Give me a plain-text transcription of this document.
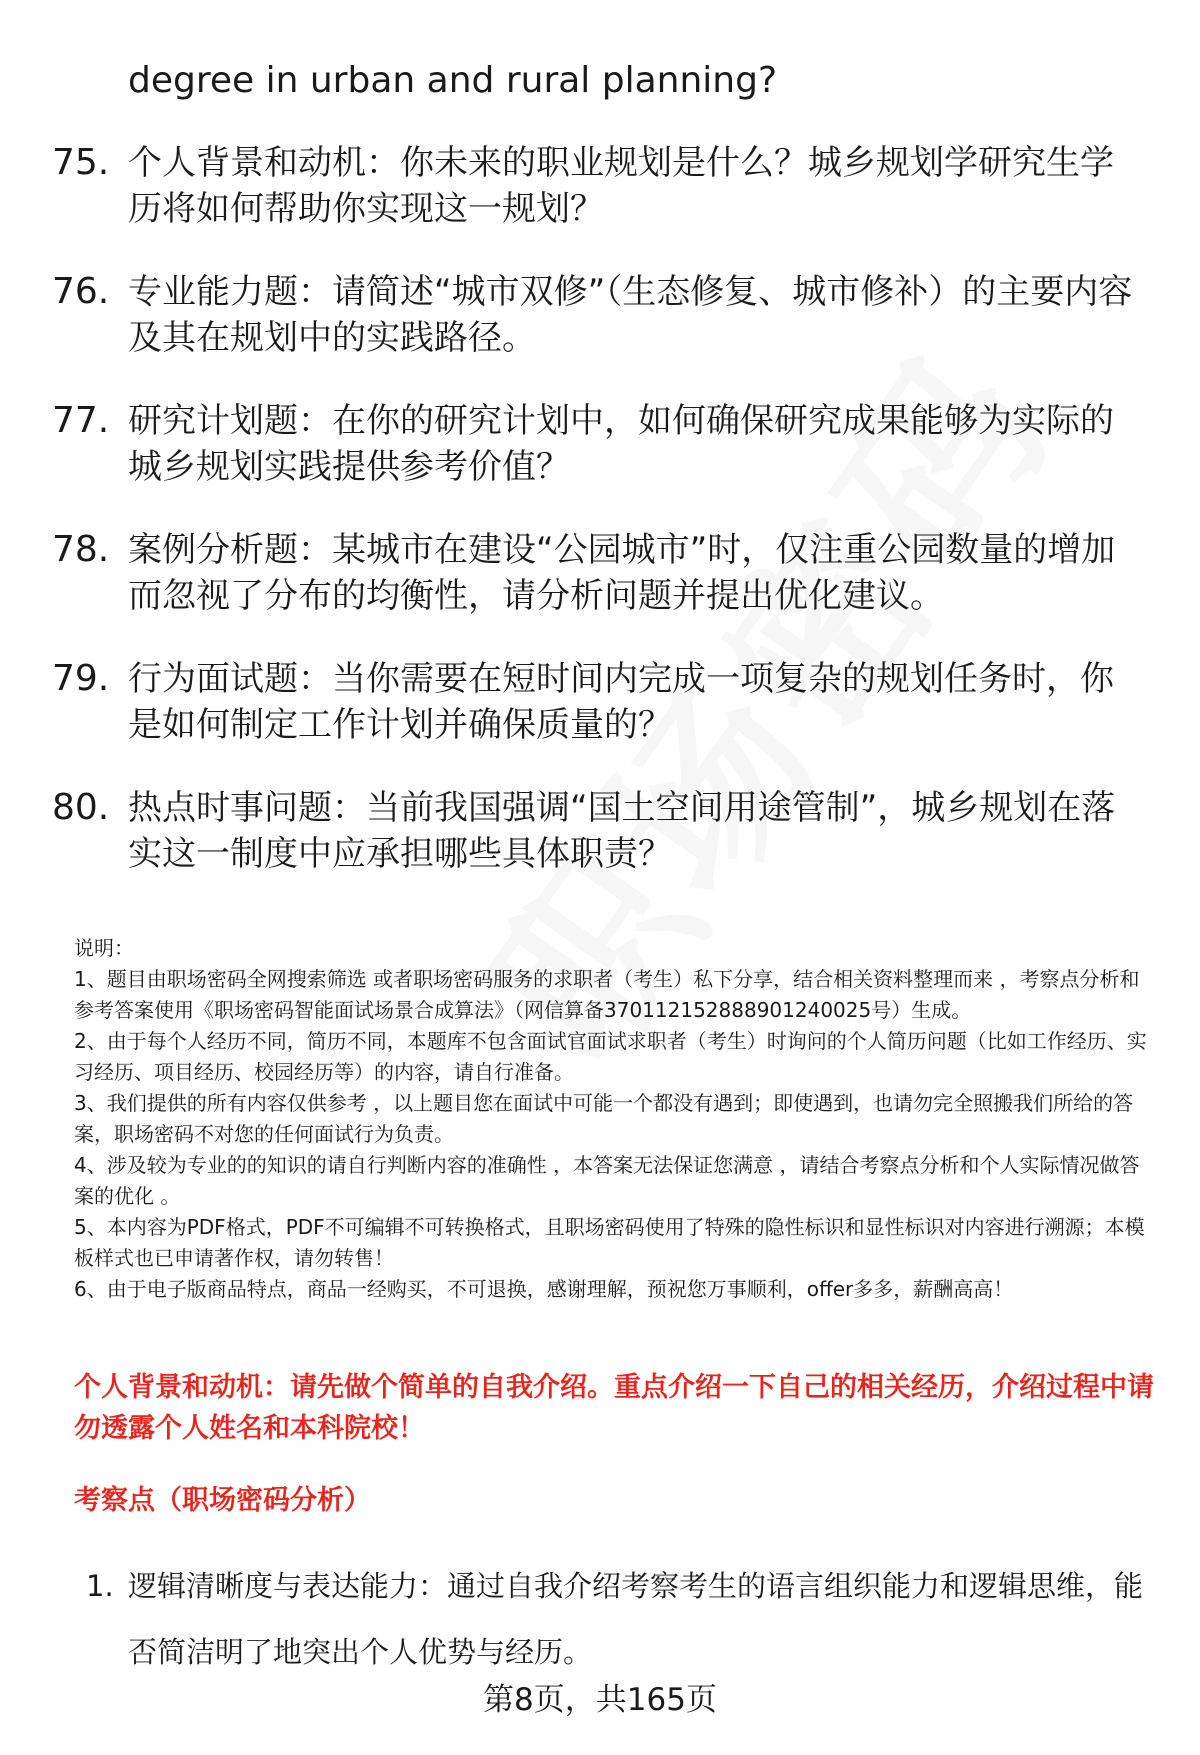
degree in urban and rural planning?
75. 个人背景和动机：你未来的职业规划是什么？城乡规划学研究生学历将如何帮助你实现这一规划？
76. 专业能力题：请简述“城市双修”（生态修复、城市修补）的主要内容及其在规划中的实践路径。
77. 研究计划题：在你的研究计划中，如何确保研究成果能够为实际的城乡规划实践提供参考价值？
78. 案例分析题：某城市在建设“公园城市”时，仅注重公园数量的增加而忽视了分布的均衡性，请分析问题并提出优化建议。
79. 行为面试题：当你需要在短时间内完成一项复杂的规划任务时，你是如何制定工作计划并确保质量的？
80. 热点时事问题：当前我国强调“国土空间用途管制”，城乡规划在落实这一制度中应承担哪些具体职责？

说明：

1、题目由职场密码全网搜索筛选 或者职场密码服务的求职者（考生）私下分享，结合相关资料整理而来 ，考察点分析和参考答案使用《职场密码智能面试场景合成算法》（网信算备370112152888901240025号）生成。

2、由于每个人经历不同，简历不同，本题库不包含面试官面试求职者（考生）时询问的个人简历问题（比如工作经历、实习经历、项目经历、校园经历等）的内容，请自行准备。

3、我们提供的所有内容仅供参考 ，以上题目您在面试中可能一个都没有遇到；即使遇到，也请勿完全照搬我们所给的答案，职场密码不对您的任何面试行为负责。

4、涉及较为专业的的知识的请自行判断内容的准确性 ，本答案无法保证您满意 ，请结合考察点分析和个人实际情况做答案的优化 。

5、本内容为PDF格式，PDF不可编辑不可转换格式，且职场密码使用了特殊的隐性标识和显性标识对内容进行溯源；本模板样式也已申请著作权，请勿转售！

6、由于电子版商品特点，商品一经购买，不可退换，感谢理解，预祝您万事顺利，offer多多，薪酬高高！

个人背景和动机：请先做个简单的自我介绍。重点介绍一下自己的相关经历，介绍过程中请勿透露个人姓名和本科院校！
考察点（职场密码分析）
1. 逻辑清晰度与表达能力：通过自我介绍考察考生的语言组织能力和逻辑思维，能否简洁明了地突出个人优势与经历。
第8页，共165页
